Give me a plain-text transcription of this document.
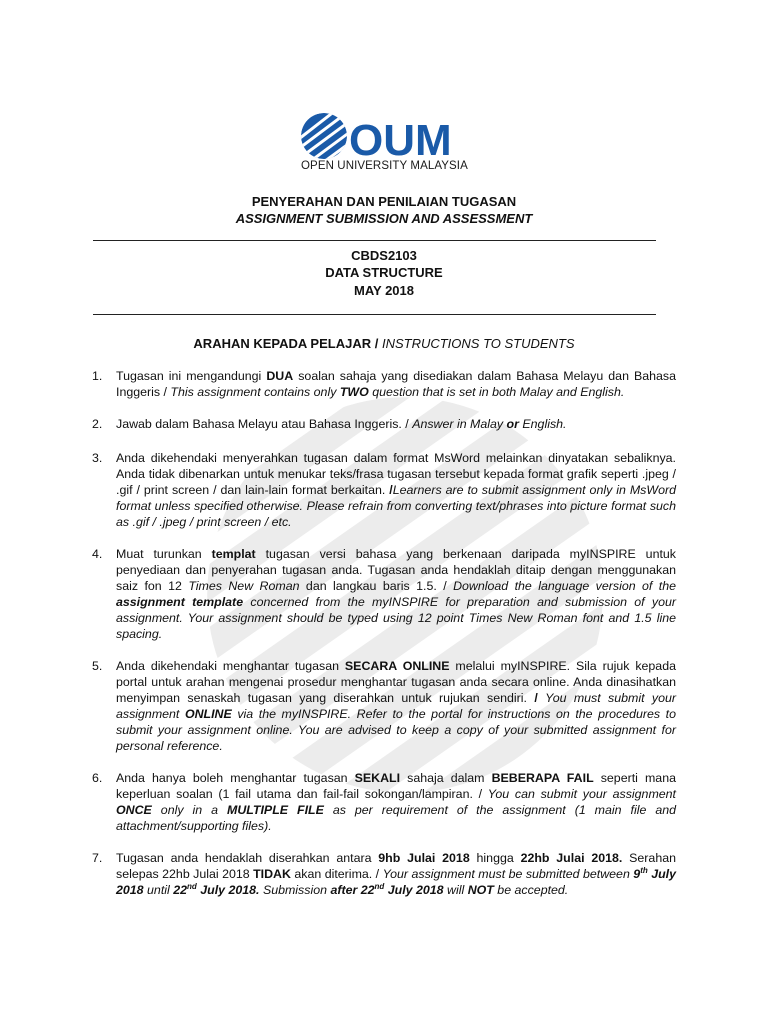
OUM
OPEN UNIVERSITY MALAYSIA
PENYERAHAN DAN PENILAIAN TUGASAN
ASSIGNMENT SUBMISSION AND ASSESSMENT
CBDS2103
DATA STRUCTURE
MAY 2018
ARAHAN KEPADA PELAJAR / INSTRUCTIONS TO STUDENTS
1. Tugasan ini mengandungi DUA soalan sahaja yang disediakan dalam Bahasa Melayu dan Bahasa Inggeris / This assignment contains only TWO question that is set in both Malay and English.
2. Jawab dalam Bahasa Melayu atau Bahasa Inggeris. / Answer in Malay or English.
3. Anda dikehendaki menyerahkan tugasan dalam format MsWord melainkan dinyatakan sebaliknya. Anda tidak dibenarkan untuk menukar teks/frasa tugasan tersebut kepada format grafik seperti .jpeg / .gif / print screen / dan lain-lain format berkaitan. /Learners are to submit assignment only in MsWord format unless specified otherwise. Please refrain from converting text/phrases into picture format such as .gif / .jpeg / print screen / etc.
4. Muat turunkan templat tugasan versi bahasa yang berkenaan daripada myINSPIRE untuk penyediaan dan penyerahan tugasan anda. Tugasan anda hendaklah ditaip dengan menggunakan saiz fon 12 Times New Roman dan langkau baris 1.5. / Download the language version of the assignment template concerned from the myINSPIRE for preparation and submission of your assignment. Your assignment should be typed using 12 point Times New Roman font and 1.5 line spacing.
5. Anda dikehendaki menghantar tugasan SECARA ONLINE melalui myINSPIRE. Sila rujuk kepada portal untuk arahan mengenai prosedur menghantar tugasan anda secara online. Anda dinasihatkan menyimpan senaskah tugasan yang diserahkan untuk rujukan sendiri. / You must submit your assignment ONLINE via the myINSPIRE. Refer to the portal for instructions on the procedures to submit your assignment online. You are advised to keep a copy of your submitted assignment for personal reference.
6. Anda hanya boleh menghantar tugasan SEKALI sahaja dalam BEBERAPA FAIL seperti mana keperluan soalan (1 fail utama dan fail-fail sokongan/lampiran. / You can submit your assignment ONCE only in a MULTIPLE FILE as per requirement of the assignment (1 main file and attachment/supporting files).
7. Tugasan anda hendaklah diserahkan antara 9hb Julai 2018 hingga 22hb Julai 2018. Serahan selepas 22hb Julai 2018 TIDAK akan diterima. / Your assignment must be submitted between 9th July 2018 until 22nd July 2018. Submission after 22nd July 2018 will NOT be accepted.
